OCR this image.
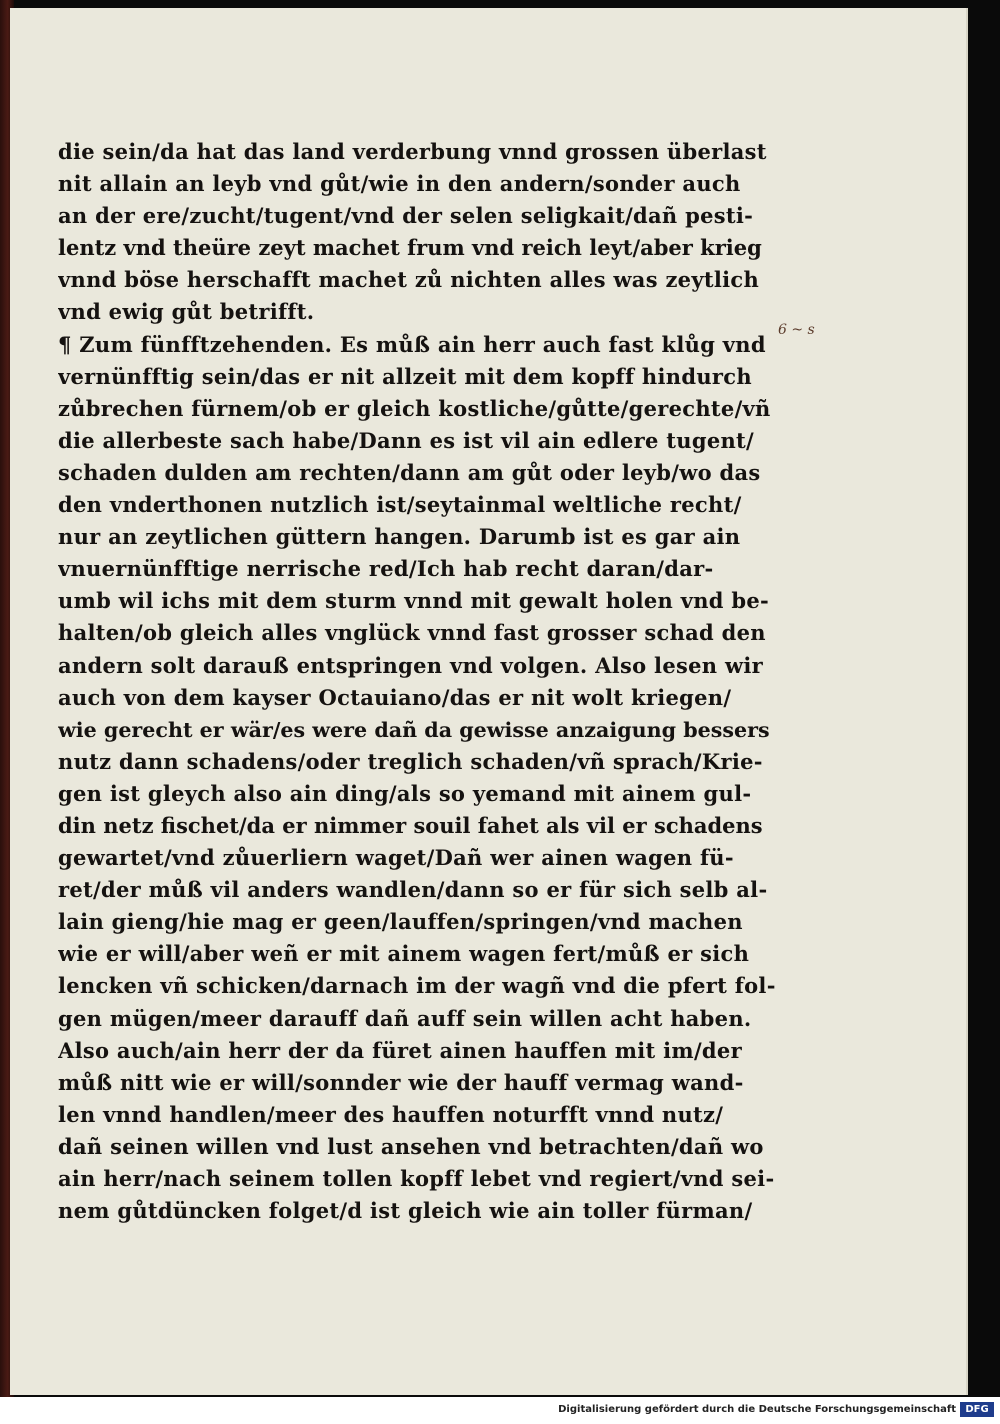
die sein/da hat das land verderbung vnnd grossen überlast
nit allain an leyb vnd gůt/wie in den andern/sonder auch
an der ere/zucht/tugent/vnd der selen seligkait/dañ pesti-
lentz vnd theüre zeyt machet frum vnd reich leyt/aber krieg
vnnd böse herschafft machet zů nichten alles was zeytlich
vnd ewig gůt betrifft.
¶ Zum fünfftzehenden. Es můß ain herr auch fast klůg vnd
vernünfftig sein/das er nit allzeit mit dem kopff hindurch
zůbrechen fürnem/ob er gleich kostliche/gůtte/gerechte/vñ
die allerbeste sach habe/Dann es ist vil ain edlere tugent/
schaden dulden am rechten/dann am gůt oder leyb/wo das
den vnderthonen nutzlich ist/seytainmal weltliche recht/
nur an zeytlichen güttern hangen. Darumb ist es gar ain
vnuernünfftige nerrische red/Ich hab recht daran/dar-
umb wil ichs mit dem sturm vnnd mit gewalt holen vnd be-
halten/ob gleich alles vnglück vnnd fast grosser schad den
andern solt darauß entspringen vnd volgen. Also lesen wir
auch von dem kayser Octauiano/das er nit wolt kriegen/
wie gerecht er wär/es were dañ da gewisse anzaigung bessers
nutz dann schadens/oder treglich schaden/vñ sprach/Krie-
gen ist gleych also ain ding/als so yemand mit ainem gul-
din netz fischet/da er nimmer souil fahet als vil er schadens
gewartet/vnd zůuerliern waget/Dañ wer ainen wagen fü-
ret/der můß vil anders wandlen/dann so er für sich selb al-
lain gieng/hie mag er geen/lauffen/springen/vnd machen
wie er will/aber weñ er mit ainem wagen fert/můß er sich
lencken vñ schicken/darnach im der wagñ vnd die pfert fol-
gen mügen/meer darauff dañ auff sein willen acht haben.
Also auch/ain herr der da füret ainen hauffen mit im/der
můß nitt wie er will/sonnder wie der hauff vermag wand-
len vnnd handlen/meer des hauffen noturfft vnnd nutz/
dañ seinen willen vnd lust ansehen vnd betrachten/dañ wo
ain herr/nach seinem tollen kopff lebet vnd regiert/vnd sei-
nem gůtdüncken folget/d ist gleich wie ain toller fürman/
6 ~ s
Digitalisierung gefördert durch die Deutsche Forschungsgemeinschaft DFG
